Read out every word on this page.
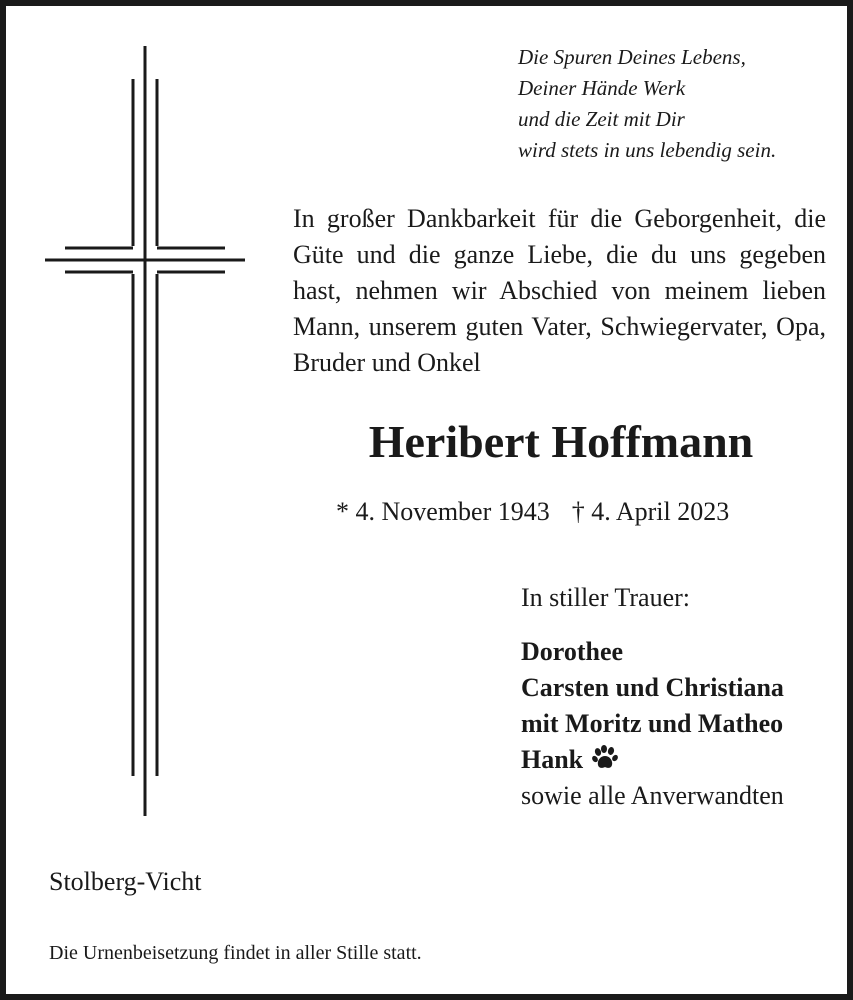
Die Spuren Deines Lebens,
Deiner Hände Werk
und die Zeit mit Dir
wird stets in uns lebendig sein.
In großer Dankbarkeit für die Geborgenheit, die Güte und die ganze Liebe, die du uns gegeben hast, nehmen wir Abschied von meinem lieben Mann, unserem guten Vater, Schwiegervater, Opa, Bruder und Onkel
Heribert Hoffmann
* 4. November 1943 † 4. April 2023
In stiller Trauer:
Dorothee
Carsten und Christiana
mit Moritz und Matheo
Hank
sowie alle Anverwandten
Stolberg-Vicht
Die Urnenbeisetzung findet in aller Stille statt.
